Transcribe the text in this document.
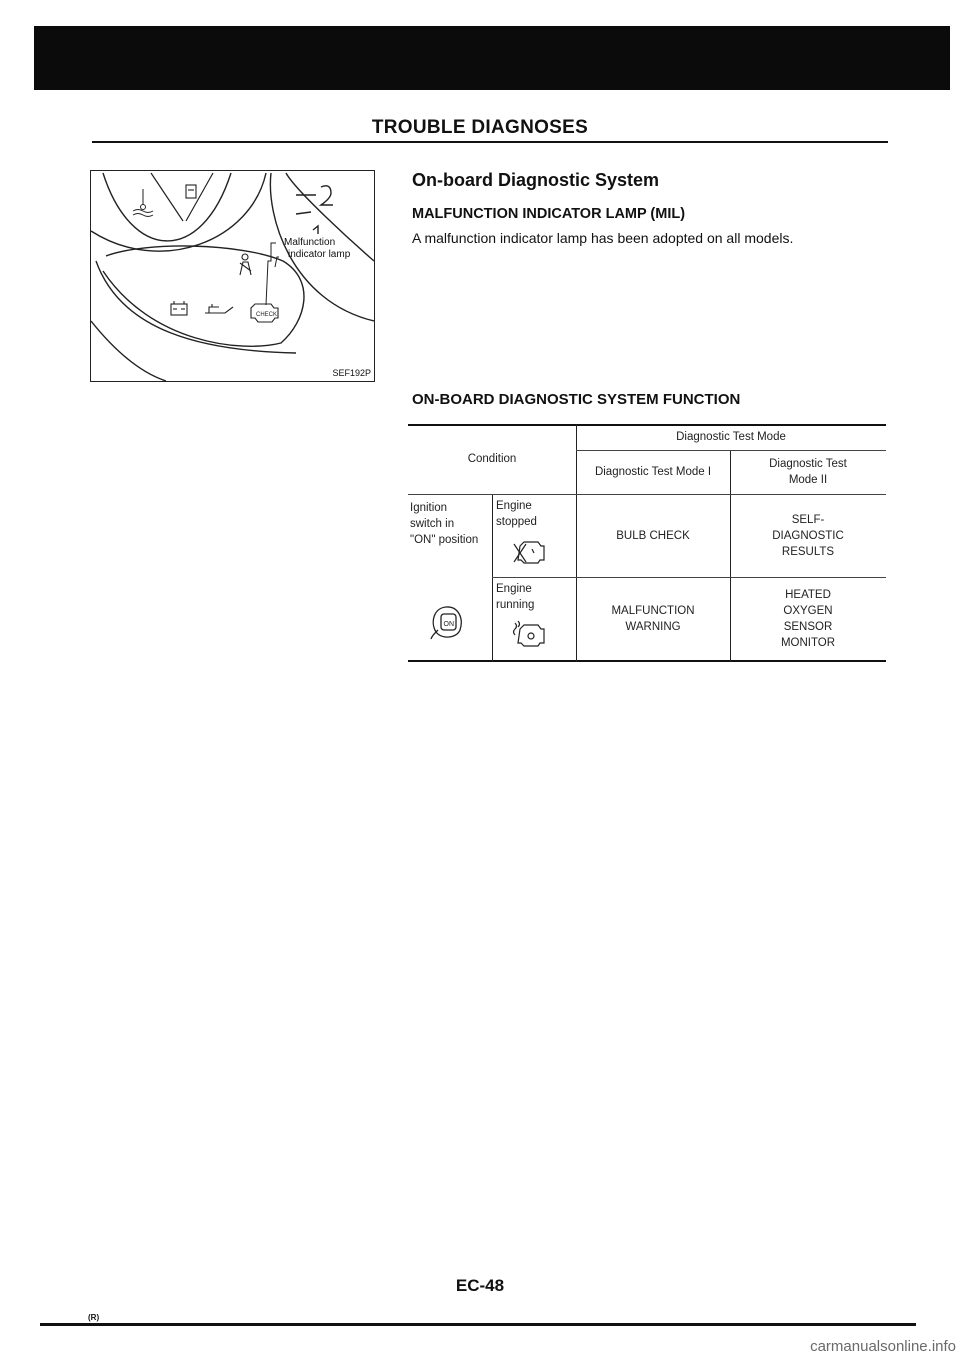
TROUBLE DIAGNOSES
CHECK
Malfunction
indicator lamp
SEF192P
On-board Diagnostic System
MALFUNCTION INDICATOR LAMP (MIL)
A malfunction indicator lamp has been adopted on all models.
ON-BOARD DIAGNOSTIC SYSTEM FUNCTION
Condition
Diagnostic Test Mode
Diagnostic Test Mode I
Diagnostic Test Mode II
Ignition switch in "ON" position
ON
Engine stopped
Engine running
BULB CHECK
SELF-DIAGNOSTIC RESULTS
MALFUNCTION WARNING
HEATED OXYGEN SENSOR MONITOR
EC-48
(R)
carmanualsonline.info
